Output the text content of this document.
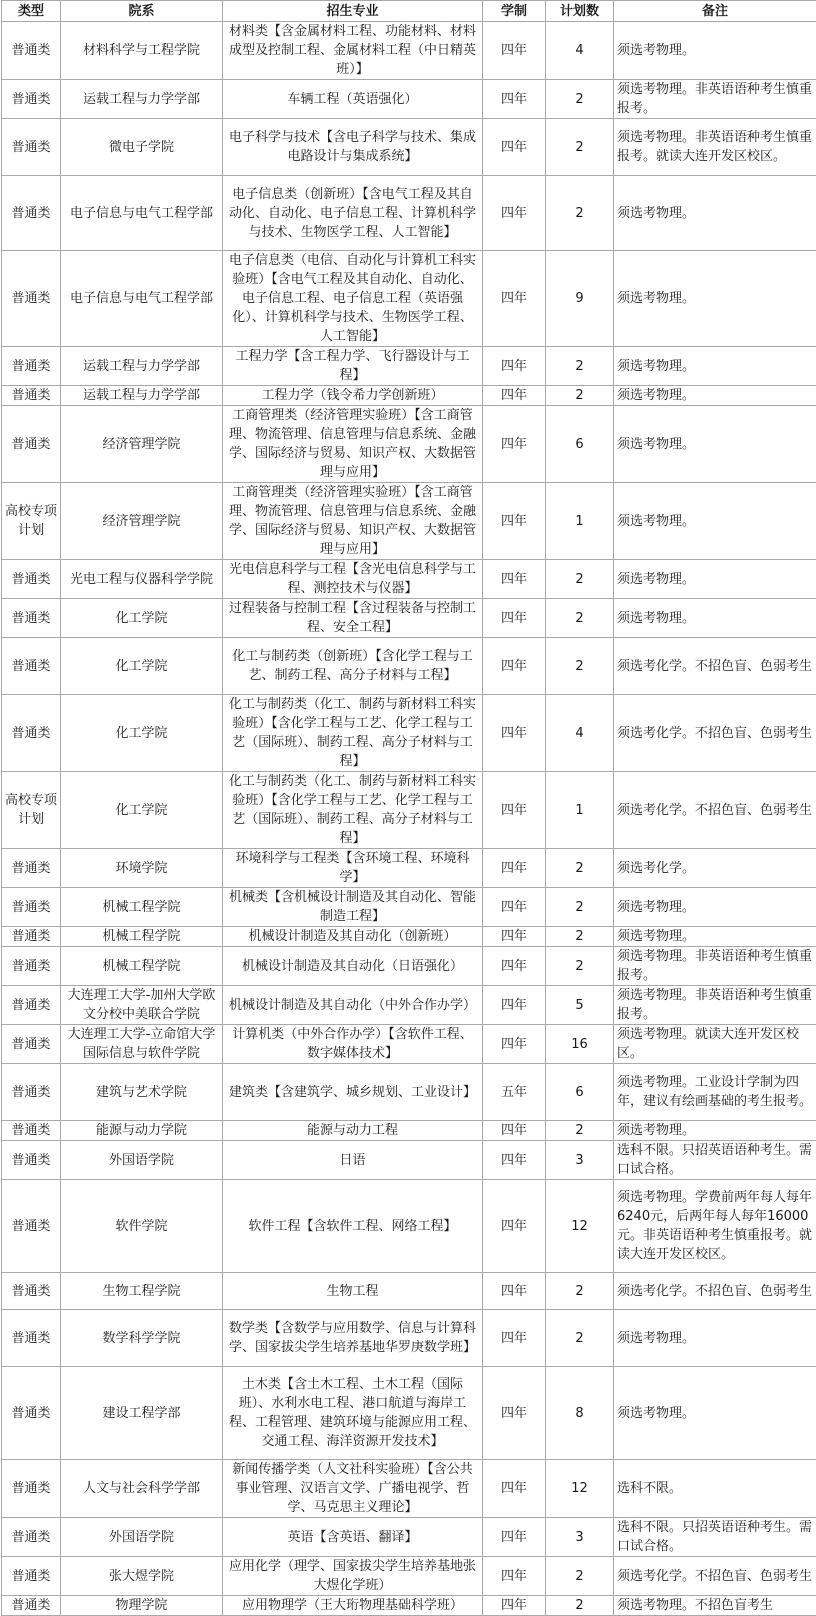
类型	院系	招生专业	学制	计划数	备注
普通类	材料科学与工程学院	材料类【含金属材料工程、功能材料、材料成型及控制工程、金属材料工程（中日精英班）】	四年	4	须选考物理。
普通类	运载工程与力学学部	车辆工程（英语强化）	四年	2	须选考物理。非英语语种考生慎重报考。
普通类	微电子学院	电子科学与技术【含电子科学与技术、集成电路设计与集成系统】	四年	2	须选考物理。非英语语种考生慎重报考。就读大连开发区校区。
普通类	电子信息与电气工程学部	电子信息类（创新班）【含电气工程及其自动化、自动化、电子信息工程、计算机科学与技术、生物医学工程、人工智能】	四年	2	须选考物理。
普通类	电子信息与电气工程学部	电子信息类（电信、自动化与计算机工科实验班）【含电气工程及其自动化、自动化、电子信息工程、电子信息工程（英语强化）、计算机科学与技术、生物医学工程、人工智能】	四年	9	须选考物理。
普通类	运载工程与力学学部	工程力学【含工程力学、飞行器设计与工程】	四年	2	须选考物理。
普通类	运载工程与力学学部	工程力学（钱令希力学创新班）	四年	2	须选考物理。
普通类	经济管理学院	工商管理类（经济管理实验班）【含工商管理、物流管理、信息管理与信息系统、金融学、国际经济与贸易、知识产权、大数据管理与应用】	四年	6	须选考物理。
高校专项计划	经济管理学院	工商管理类（经济管理实验班）【含工商管理、物流管理、信息管理与信息系统、金融学、国际经济与贸易、知识产权、大数据管理与应用】	四年	1	须选考物理。
普通类	光电工程与仪器科学学院	光电信息科学与工程【含光电信息科学与工程、测控技术与仪器】	四年	2	须选考物理。
普通类	化工学院	过程装备与控制工程【含过程装备与控制工程、安全工程】	四年	2	须选考物理。
普通类	化工学院	化工与制药类（创新班）【含化学工程与工艺、制药工程、高分子材料与工程】	四年	2	须选考化学。不招色盲、色弱考生
普通类	化工学院	化工与制药类（化工、制药与新材料工科实验班）【含化学工程与工艺、化学工程与工艺（国际班）、制药工程、高分子材料与工程】	四年	4	须选考化学。不招色盲、色弱考生
高校专项计划	化工学院	化工与制药类（化工、制药与新材料工科实验班）【含化学工程与工艺、化学工程与工艺（国际班）、制药工程、高分子材料与工程】	四年	1	须选考化学。不招色盲、色弱考生
普通类	环境学院	环境科学与工程类【含环境工程、环境科学】	四年	2	须选考化学。
普通类	机械工程学院	机械类【含机械设计制造及其自动化、智能制造工程】	四年	2	须选考物理。
普通类	机械工程学院	机械设计制造及其自动化（创新班）	四年	2	须选考物理。
普通类	机械工程学院	机械设计制造及其自动化（日语强化）	四年	2	须选考物理。非英语语种考生慎重报考。
普通类	大连理工大学-加州大学欧文分校中美联合学院	机械设计制造及其自动化（中外合作办学）	四年	5	须选考物理。非英语语种考生慎重报考。
普通类	大连理工大学-立命馆大学国际信息与软件学院	计算机类（中外合作办学）【含软件工程、数字媒体技术】	四年	16	须选考物理。就读大连开发区校区。
普通类	建筑与艺术学院	建筑类【含建筑学、城乡规划、工业设计】	五年	6	须选考物理。工业设计学制为四年，建议有绘画基础的考生报考。
普通类	能源与动力学院	能源与动力工程	四年	2	须选考物理。
普通类	外国语学院	日语	四年	3	选科不限。只招英语语种考生。需口试合格。
普通类	软件学院	软件工程【含软件工程、网络工程】	四年	12	须选考物理。学费前两年每人每年6240元，后两年每人每年16000元。非英语语种考生慎重报考。就读大连开发区校区。
普通类	生物工程学院	生物工程	四年	2	须选考化学。不招色盲、色弱考生
普通类	数学科学学院	数学类【含数学与应用数学、信息与计算科学、国家拔尖学生培养基地华罗庚数学班】	四年	2	须选考物理。
普通类	建设工程学部	土木类【含土木工程、土木工程（国际班）、水利水电工程、港口航道与海岸工程、工程管理、建筑环境与能源应用工程、交通工程、海洋资源开发技术】	四年	8	须选考物理。
普通类	人文与社会科学学部	新闻传播学类（人文社科实验班）【含公共事业管理、汉语言文学、广播电视学、哲学、马克思主义理论】	四年	12	选科不限。
普通类	外国语学院	英语【含英语、翻译】	四年	3	选科不限。只招英语语种考生。需口试合格。
普通类	张大煜学院	应用化学（理学、国家拔尖学生培养基地张大煜化学班）	四年	2	须选考化学。不招色盲、色弱考生
普通类	物理学院	应用物理学（王大珩物理基础科学班）	四年	2	须选考物理。不招色盲考生
